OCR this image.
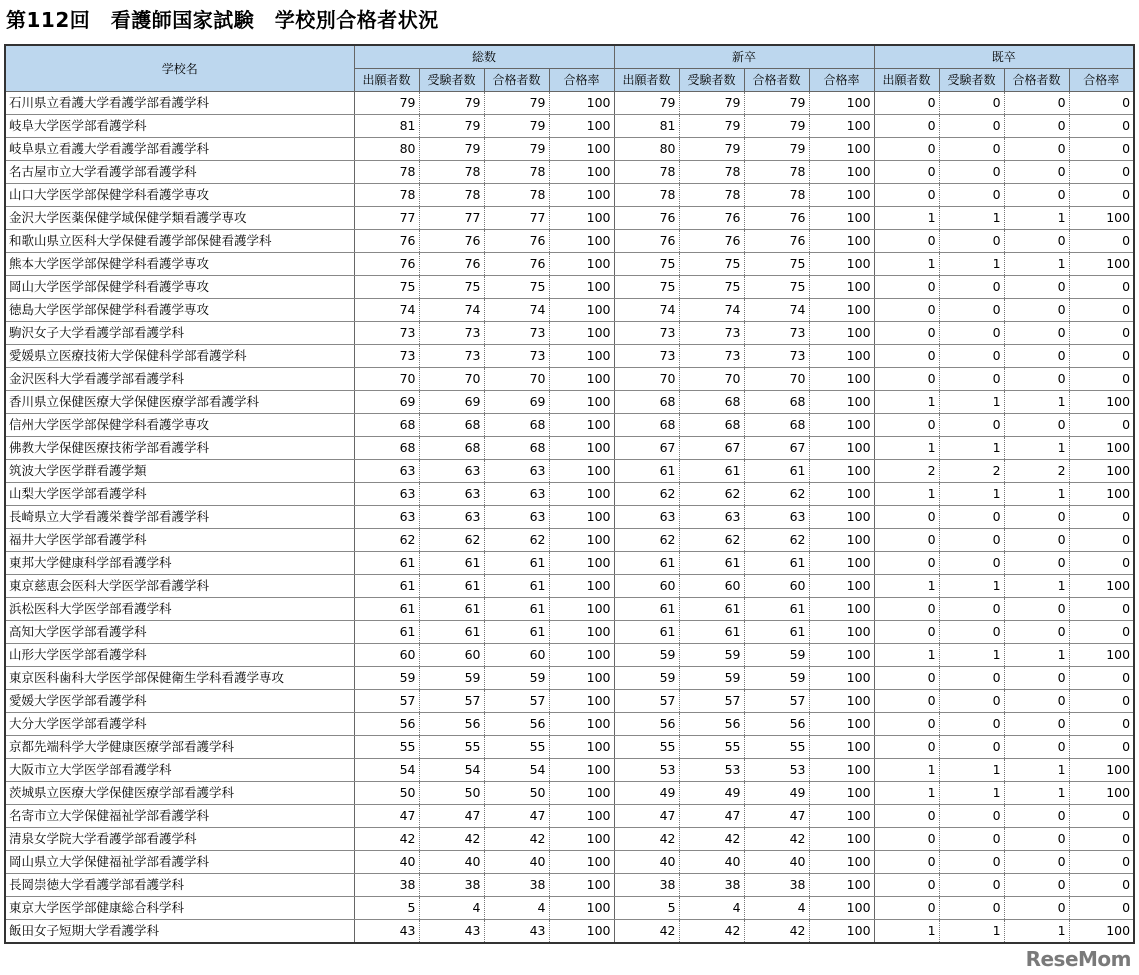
第112回　看護師国家試験　学校別合格者状況
学校名	総数				新卒				既卒			
	出願者数	受験者数	合格者数	合格率	出願者数	受験者数	合格者数	合格率	出願者数	受験者数	合格者数	合格率
石川県立看護大学看護学部看護学科	79	79	79	100	79	79	79	100	0	0	0	0
岐阜大学医学部看護学科	81	79	79	100	81	79	79	100	0	0	0	0
岐阜県立看護大学看護学部看護学科	80	79	79	100	80	79	79	100	0	0	0	0
名古屋市立大学看護学部看護学科	78	78	78	100	78	78	78	100	0	0	0	0
山口大学医学部保健学科看護学専攻	78	78	78	100	78	78	78	100	0	0	0	0
金沢大学医薬保健学域保健学類看護学専攻	77	77	77	100	76	76	76	100	1	1	1	100
和歌山県立医科大学保健看護学部保健看護学科	76	76	76	100	76	76	76	100	0	0	0	0
熊本大学医学部保健学科看護学専攻	76	76	76	100	75	75	75	100	1	1	1	100
岡山大学医学部保健学科看護学専攻	75	75	75	100	75	75	75	100	0	0	0	0
徳島大学医学部保健学科看護学専攻	74	74	74	100	74	74	74	100	0	0	0	0
駒沢女子大学看護学部看護学科	73	73	73	100	73	73	73	100	0	0	0	0
愛媛県立医療技術大学保健科学部看護学科	73	73	73	100	73	73	73	100	0	0	0	0
金沢医科大学看護学部看護学科	70	70	70	100	70	70	70	100	0	0	0	0
香川県立保健医療大学保健医療学部看護学科	69	69	69	100	68	68	68	100	1	1	1	100
信州大学医学部保健学科看護学専攻	68	68	68	100	68	68	68	100	0	0	0	0
佛教大学保健医療技術学部看護学科	68	68	68	100	67	67	67	100	1	1	1	100
筑波大学医学群看護学類	63	63	63	100	61	61	61	100	2	2	2	100
山梨大学医学部看護学科	63	63	63	100	62	62	62	100	1	1	1	100
長崎県立大学看護栄養学部看護学科	63	63	63	100	63	63	63	100	0	0	0	0
福井大学医学部看護学科	62	62	62	100	62	62	62	100	0	0	0	0
東邦大学健康科学部看護学科	61	61	61	100	61	61	61	100	0	0	0	0
東京慈恵会医科大学医学部看護学科	61	61	61	100	60	60	60	100	1	1	1	100
浜松医科大学医学部看護学科	61	61	61	100	61	61	61	100	0	0	0	0
高知大学医学部看護学科	61	61	61	100	61	61	61	100	0	0	0	0
山形大学医学部看護学科	60	60	60	100	59	59	59	100	1	1	1	100
東京医科歯科大学医学部保健衛生学科看護学専攻	59	59	59	100	59	59	59	100	0	0	0	0
愛媛大学医学部看護学科	57	57	57	100	57	57	57	100	0	0	0	0
大分大学医学部看護学科	56	56	56	100	56	56	56	100	0	0	0	0
京都先端科学大学健康医療学部看護学科	55	55	55	100	55	55	55	100	0	0	0	0
大阪市立大学医学部看護学科	54	54	54	100	53	53	53	100	1	1	1	100
茨城県立医療大学保健医療学部看護学科	50	50	50	100	49	49	49	100	1	1	1	100
名寄市立大学保健福祉学部看護学科	47	47	47	100	47	47	47	100	0	0	0	0
清泉女学院大学看護学部看護学科	42	42	42	100	42	42	42	100	0	0	0	0
岡山県立大学保健福祉学部看護学科	40	40	40	100	40	40	40	100	0	0	0	0
長岡崇徳大学看護学部看護学科	38	38	38	100	38	38	38	100	0	0	0	0
東京大学医学部健康総合科学科	5	4	4	100	5	4	4	100	0	0	0	0
飯田女子短期大学看護学科	43	43	43	100	42	42	42	100	1	1	1	100
ReseMom
